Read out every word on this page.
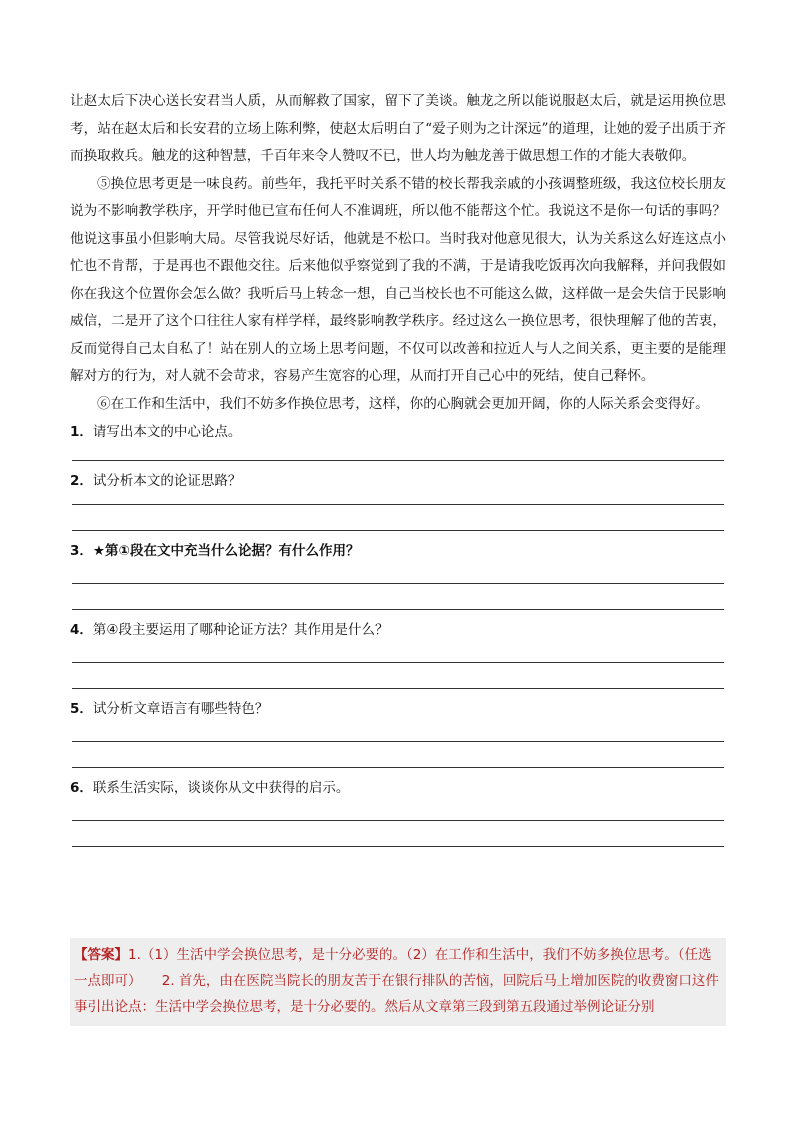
让赵太后下决心送长安君当人质，从而解救了国家，留下了美谈。触龙之所以能说服赵太后，就是运用换位思考，站在赵太后和长安君的立场上陈利弊，使赵太后明白了“爱子则为之计深远”的道理，让她的爱子出质于齐而换取救兵。触龙的这种智慧，千百年来令人赞叹不已，世人均为触龙善于做思想工作的才能大表敬仰。

⑤换位思考更是一味良药。前些年，我托平时关系不错的校长帮我亲戚的小孩调整班级，我这位校长朋友说为不影响教学秩序，开学时他已宣布任何人不准调班，所以他不能帮这个忙。我说这不是你一句话的事吗？他说这事虽小但影响大局。尽管我说尽好话，他就是不松口。当时我对他意见很大，认为关系这么好连这点小忙也不肯帮，于是再也不跟他交往。后来他似乎察觉到了我的不满，于是请我吃饭再次向我解释，并问我假如你在我这个位置你会怎么做？我听后马上转念一想，自己当校长也不可能这么做，这样做一是会失信于民影响威信，二是开了这个口往往人家有样学样，最终影响教学秩序。经过这么一换位思考，很快理解了他的苦衷，反而觉得自己太自私了！站在别人的立场上思考问题，不仅可以改善和拉近人与人之间关系，更主要的是能理解对方的行为，对人就不会苛求，容易产生宽容的心理，从而打开自己心中的死结，使自己释怀。

⑥在工作和生活中，我们不妨多作换位思考，这样，你的心胸就会更加开阔，你的人际关系会变得好。

1．请写出本文的中心论点。

2．试分析本文的论证思路？

3．★第①段在文中充当什么论据？有什么作用？

4．第④段主要运用了哪种论证方法？其作用是什么？

5．试分析文章语言有哪些特色？

6．联系生活实际，谈谈你从文中获得的启示。

【答案】1.（1）生活中学会换位思考，是十分必要的。（2）在工作和生活中，我们不妨多换位思考。（任选一点即可）　　2. 首先，由在医院当院长的朋友苦于在银行排队的苦恼，回院后马上增加医院的收费窗口这件事引出论点：生活中学会换位思考，是十分必要的。然后从文章第三段到第五段通过举例论证分别
